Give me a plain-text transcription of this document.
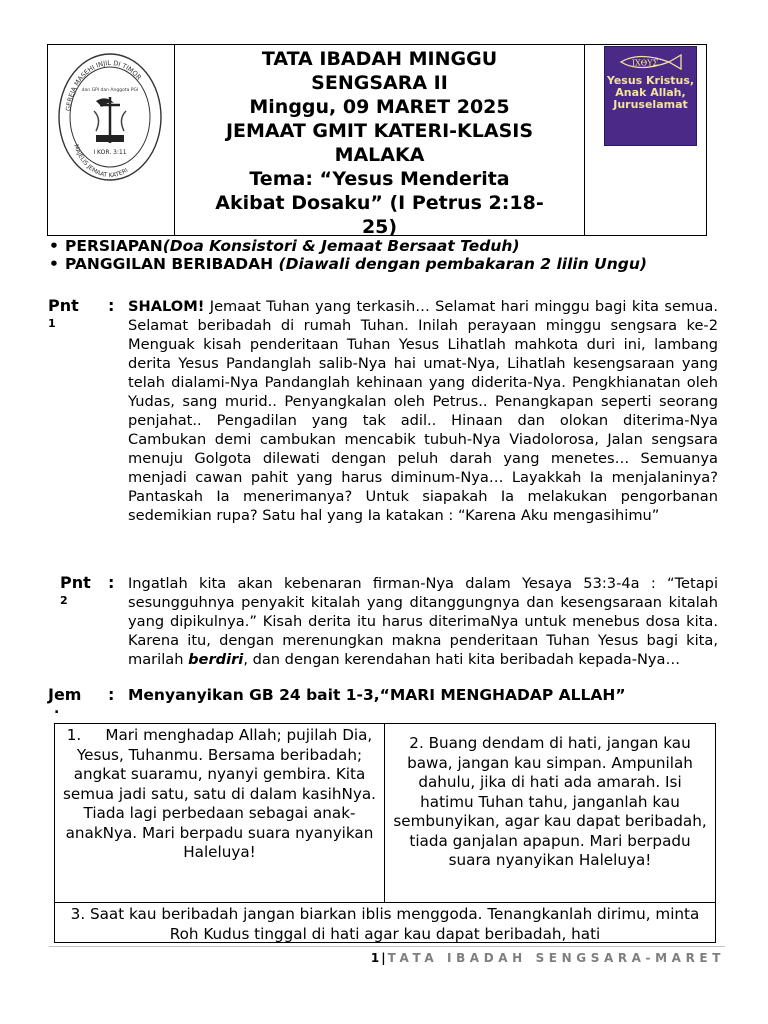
GEREJA MASEHI INJIL DI TIMOR
MAJELIS JEMAAT KATERI
dan GPI dan Anggota PGI
I KOR. 3:11
TATA IBADAH MINGGU
SENGSARA II
Minggu, 09 MARET 2025
JEMAAT GMIT KATERI-KLASIS
MALAKA
Tema: “Yesus Menderita
Akibat Dosaku” (I Petrus 2:18-
25)
IXΘYΣ
Yesus Kristus,
Anak Allah,
Juruselamat
• PERSIAPAN(Doa Konsistori & Jemaat Bersaat Teduh)
• PANGGILAN BERIBADAH (Diawali dengan pembakaran 2 lilin Ungu)
Pnt
1
: SHALOM! Jemaat Tuhan yang terkasih… Selamat hari minggu bagi kita semua. Selamat beribadah di rumah Tuhan. Inilah perayaan minggu sengsara ke-2 Menguak kisah penderitaan Tuhan Yesus Lihatlah mahkota duri ini, lambang derita Yesus Pandanglah salib-Nya hai umat-Nya, Lihatlah kesengsaraan yang telah dialami-Nya Pandanglah kehinaan yang diderita-Nya. Pengkhianatan oleh Yudas, sang murid.. Penyangkalan oleh Petrus.. Penangkapan seperti seorang penjahat.. Pengadilan yang tak adil.. Hinaan dan olokan diterima-Nya Cambukan demi cambukan mencabik tubuh-Nya Viadolorosa, Jalan sengsara menuju Golgota dilewati dengan peluh darah yang menetes… Semuanya menjadi cawan pahit yang harus diminum-Nya… Layakkah Ia menjalaninya? Pantaskah Ia menerimanya? Untuk siapakah Ia melakukan pengorbanan sedemikian rupa? Satu hal yang Ia katakan : “Karena Aku mengasihimu”
Pnt
2
: Ingatlah kita akan kebenaran firman-Nya dalam Yesaya 53:3-4a : “Tetapi sesungguhnya penyakit kitalah yang ditanggungnya dan kesengsaraan kitalah yang dipikulnya.” Kisah derita itu harus diterimaNya untuk menebus dosa kita. Karena itu, dengan merenungkan makna penderitaan Tuhan Yesus bagi kita, marilah berdiri, dan dengan kerendahan hati kita beribadah kepada-Nya…
Jem
.
: Menyanyikan GB 24 bait 1-3,“MARI MENGHADAP ALLAH”
1.     Mari menghadap Allah; pujilah Dia, Yesus, Tuhanmu. Bersama beribadah; angkat suaramu, nyanyi gembira. Kita semua jadi satu, satu di dalam kasihNya. Tiada lagi perbedaan sebagai anak-anakNya. Mari berpadu suara nyanyikan Haleluya!
2. Buang dendam di hati, jangan kau bawa, jangan kau simpan. Ampunilah dahulu, jika di hati ada amarah. Isi hatimu Tuhan tahu, janganlah kau sembunyikan, agar kau dapat beribadah, tiada ganjalan apapun. Mari berpadu suara nyanyikan Haleluya!
3. Saat kau beribadah jangan biarkan iblis menggoda. Tenangkanlah dirimu, minta Roh Kudus tinggal di hati agar kau dapat beribadah, hati
1 | TATA IBADAH SENGSARA-MARET
